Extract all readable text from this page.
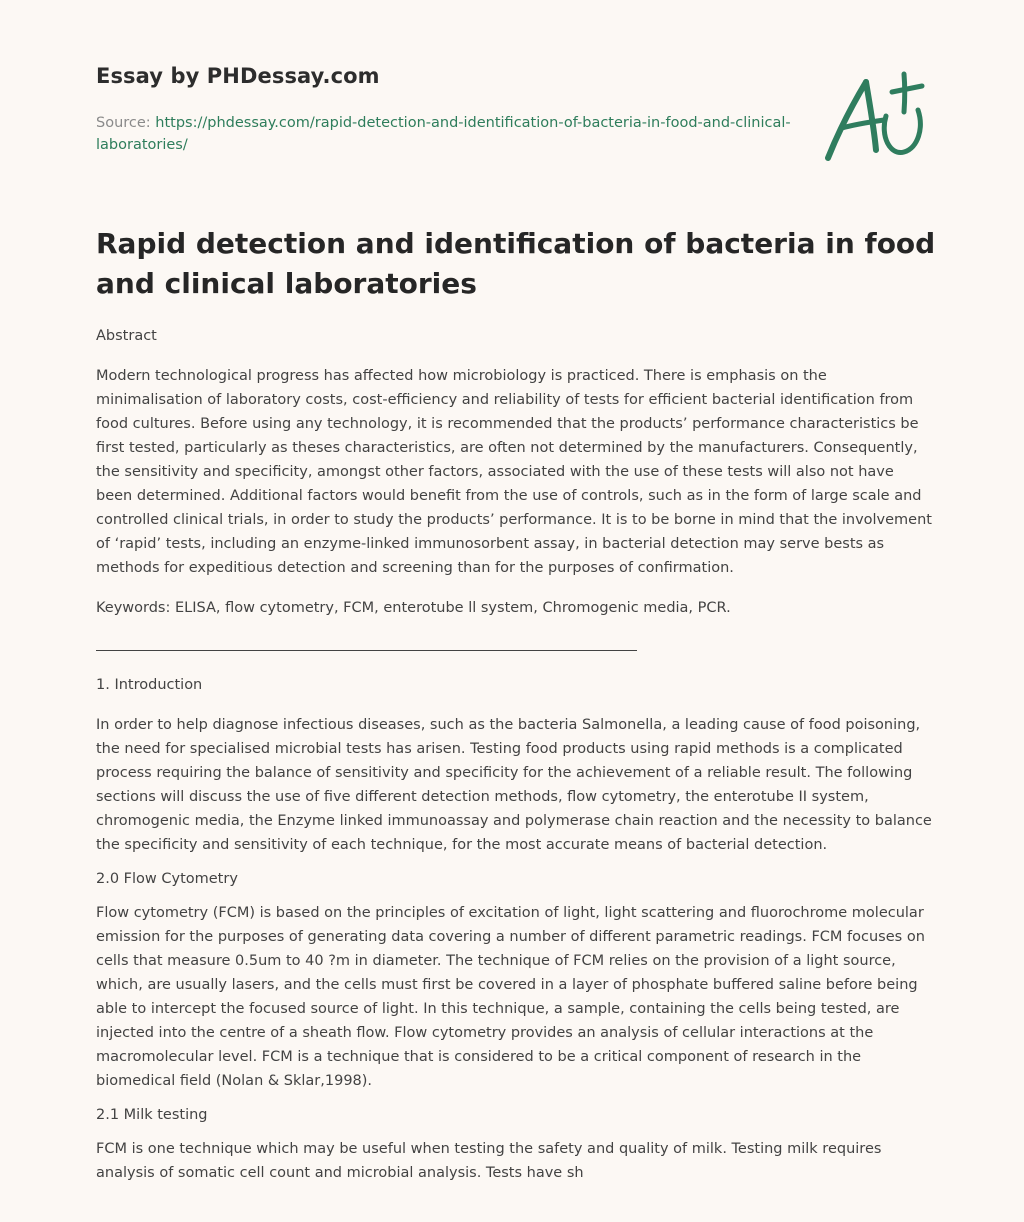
Essay by PHDessay.com
Source: https://phdessay.com/rapid-detection-and-identification-of-bacteria-in-food-and-clinical-laboratories/
Rapid detection and identification of bacteria in food and clinical laboratories

Abstract

Modern technological progress has affected how microbiology is practiced. There is emphasis on the minimalisation of laboratory costs, cost-efficiency and reliability of tests for efficient bacterial identification from food cultures. Before using any technology, it is recommended that the products’ performance characteristics be first tested, particularly as theses characteristics, are often not determined by the manufacturers. Consequently, the sensitivity and specificity, amongst other factors, associated with the use of these tests will also not have been determined. Additional factors would benefit from the use of controls, such as in the form of large scale and controlled clinical trials, in order to study the products’ performance. It is to be borne in mind that the involvement of ‘rapid’ tests, including an enzyme-linked immunosorbent assay, in bacterial detection may serve bests as methods for expeditious detection and screening than for the purposes of confirmation.

Keywords: ELISA, flow cytometry, FCM, enterotube ll system, Chromogenic media, PCR.

1. Introduction

In order to help diagnose infectious diseases, such as the bacteria Salmonella, a leading cause of food poisoning, the need for specialised microbial tests has arisen. Testing food products using rapid methods is a complicated process requiring the balance of sensitivity and specificity for the achievement of a reliable result. The following sections will discuss the use of five different detection methods, flow cytometry, the enterotube II system, chromogenic media, the Enzyme linked immunoassay and polymerase chain reaction and the necessity to balance the specificity and sensitivity of each technique, for the most accurate means of bacterial detection.

2.0 Flow Cytometry

Flow cytometry (FCM) is based on the principles of excitation of light, light scattering and fluorochrome molecular emission for the purposes of generating data covering a number of different parametric readings. FCM focuses on cells that measure 0.5um to 40 ?m in diameter. The technique of FCM relies on the provision of a light source, which, are usually lasers, and the cells must first be covered in a layer of phosphate buffered saline before being able to intercept the focused source of light. In this technique, a sample, containing the cells being tested, are injected into the centre of a sheath flow. Flow cytometry provides an analysis of cellular interactions at the macromolecular level. FCM is a technique that is considered to be a critical component of research in the biomedical field (Nolan & Sklar,1998).

2.1 Milk testing

FCM is one technique which may be useful when testing the safety and quality of milk. Testing milk requires analysis of somatic cell count and microbial analysis. Tests have sh
